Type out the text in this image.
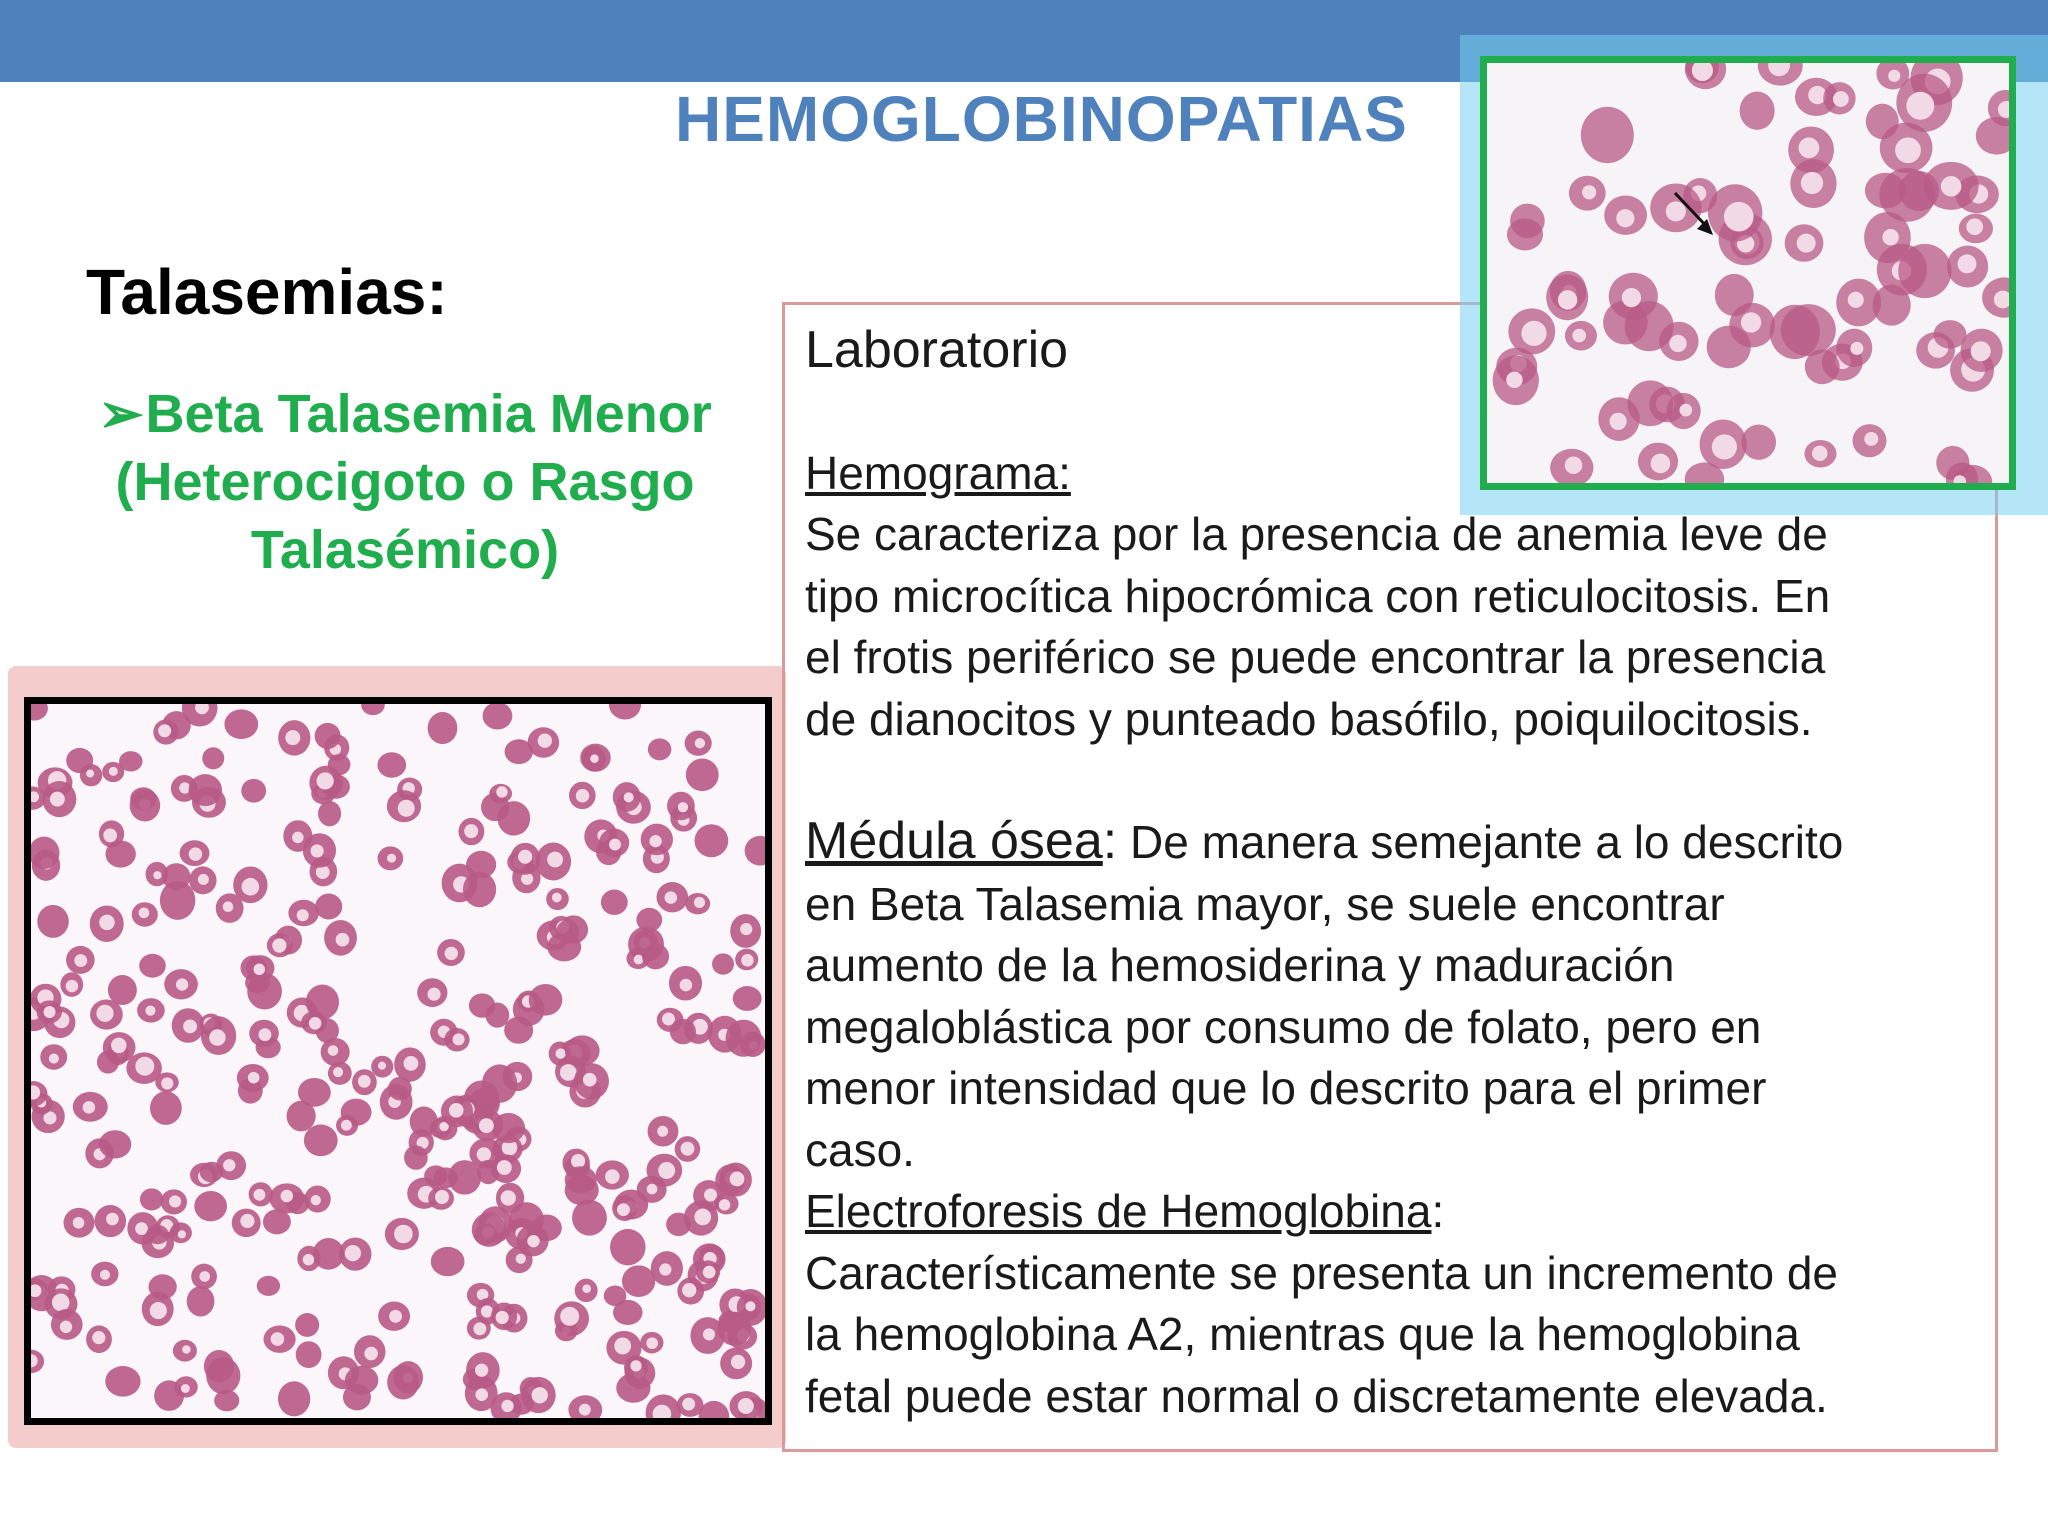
HEMOGLOBINOPATIAS
Talasemias:
➢Beta Talasemia Menor
(Heterocigoto o Rasgo
Talasémico)

Laboratorio

Hemograma:

Se caracteriza por la presencia de anemia leve de

tipo microcítica hipocrómica con reticulocitosis. En

el frotis periférico se puede encontrar la presencia

de dianocitos y punteado basófilo, poiquilocitosis.

Médula ósea: De manera semejante a lo descrito

en Beta Talasemia mayor, se suele encontrar

aumento de la hemosiderina y maduración

megaloblástica por consumo de folato, pero en

menor intensidad que lo descrito para el primer

caso.

Electroforesis de Hemoglobina:

Característicamente se presenta un incremento de

la hemoglobina A2, mientras que la hemoglobina

fetal puede estar normal o discretamente elevada.
